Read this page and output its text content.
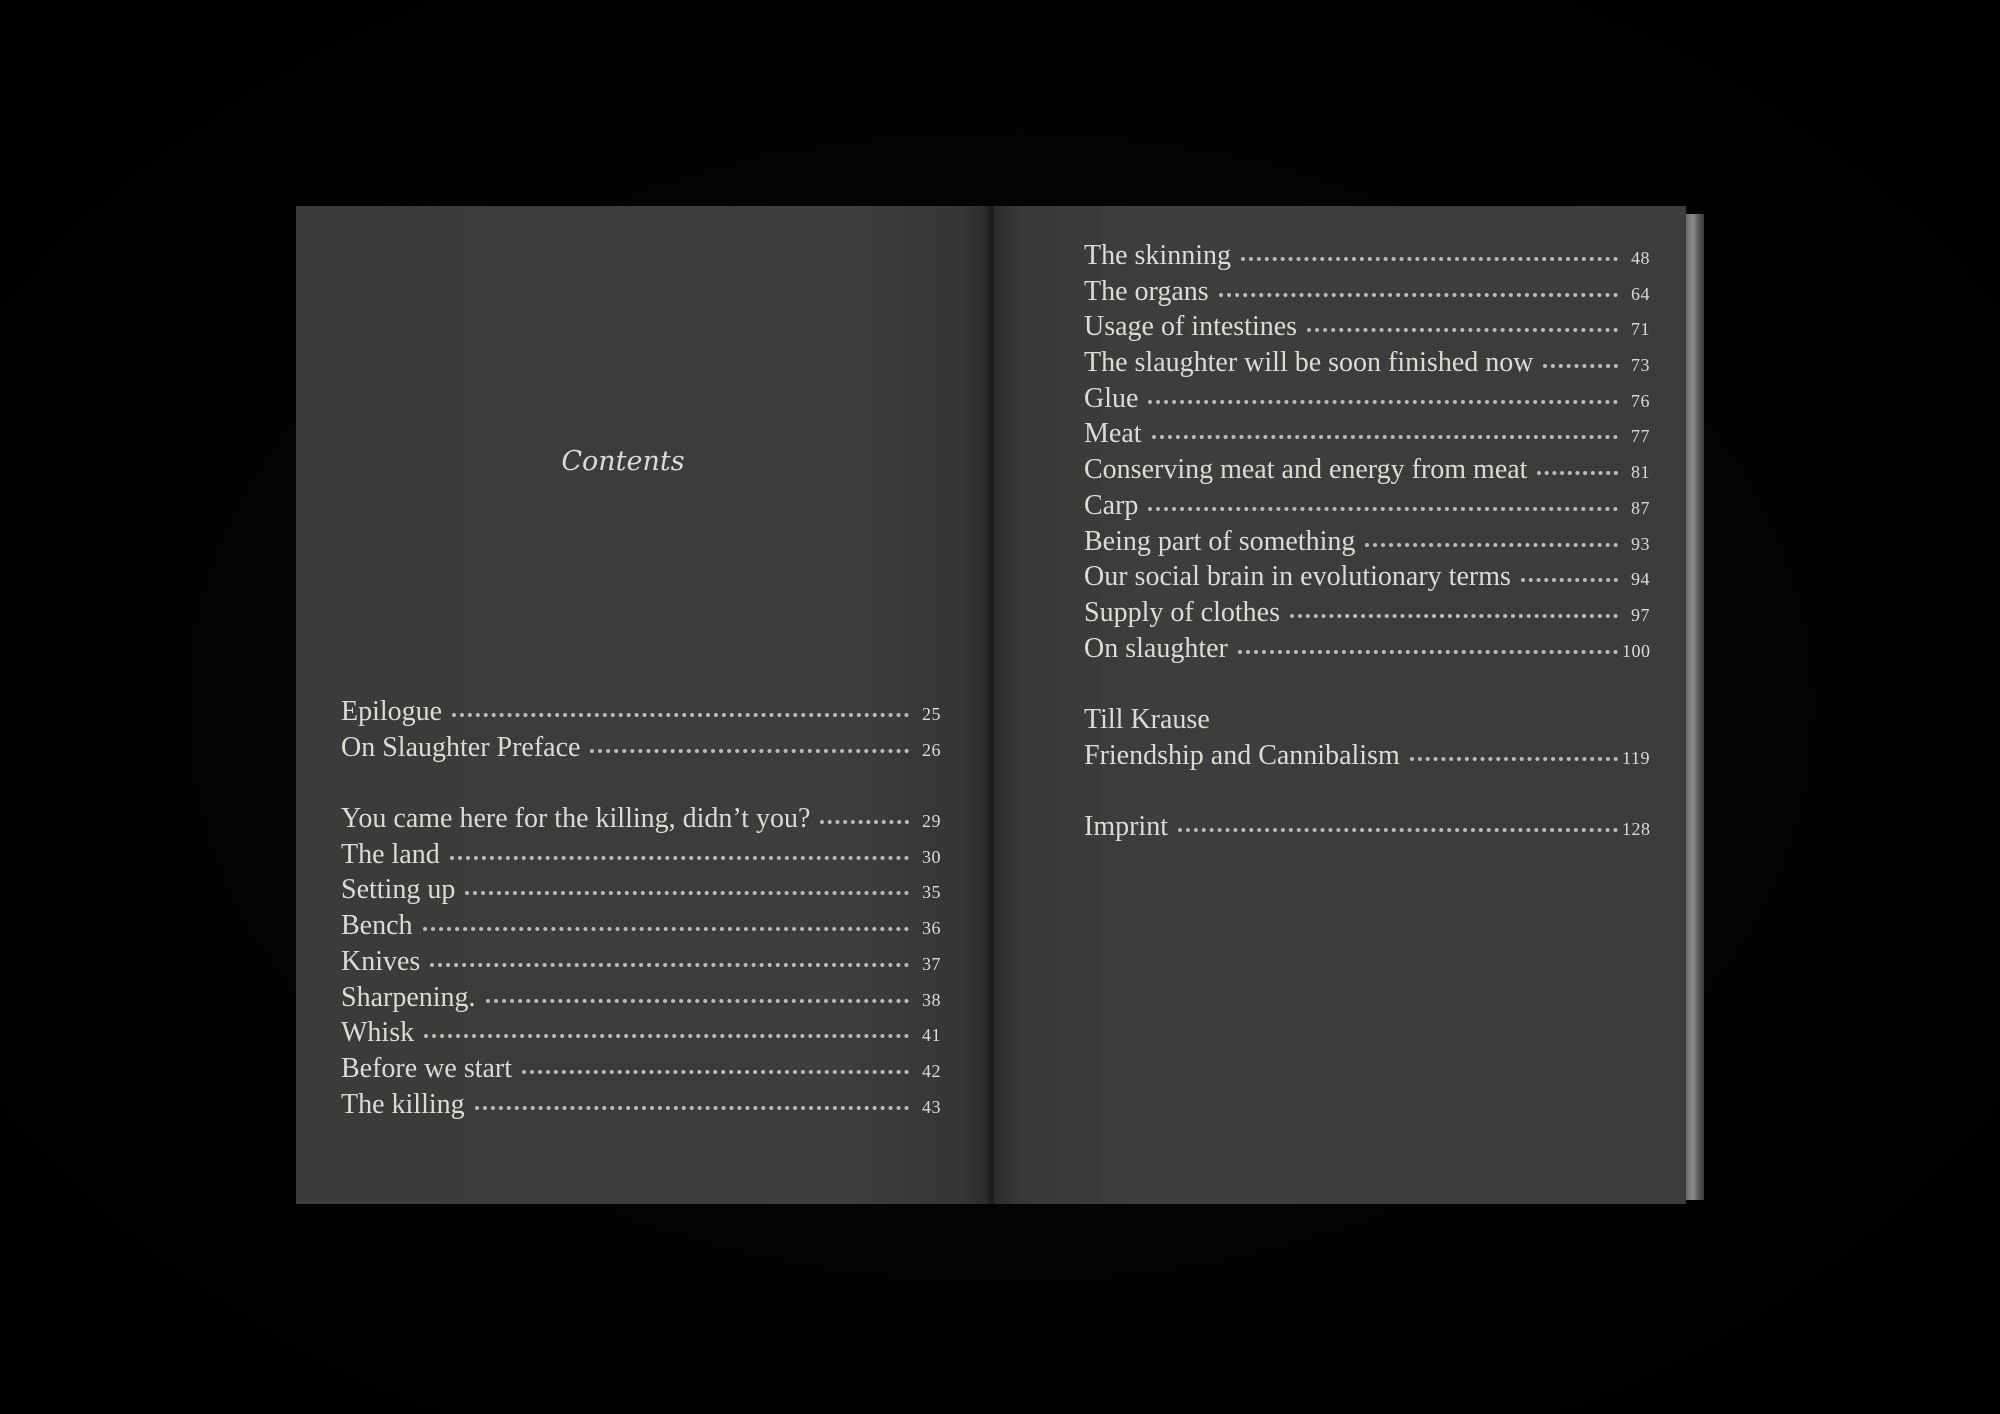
Contents
Epilogue	25
On Slaughter Preface	26
You came here for the killing, didn’t you?	29
The land	30
Setting up	35
Bench	36
Knives	37
Sharpening.	38
Whisk	41
Before we start	42
The killing	43
The skinning	48
The organs	64
Usage of intestines	71
The slaughter will be soon finished now	73
Glue	76
Meat	77
Conserving meat and energy from meat	81
Carp	87
Being part of something	93
Our social brain in evolutionary terms	94
Supply of clothes	97
On slaughter	100
Till Krause
Friendship and Cannibalism	119
Imprint	128
